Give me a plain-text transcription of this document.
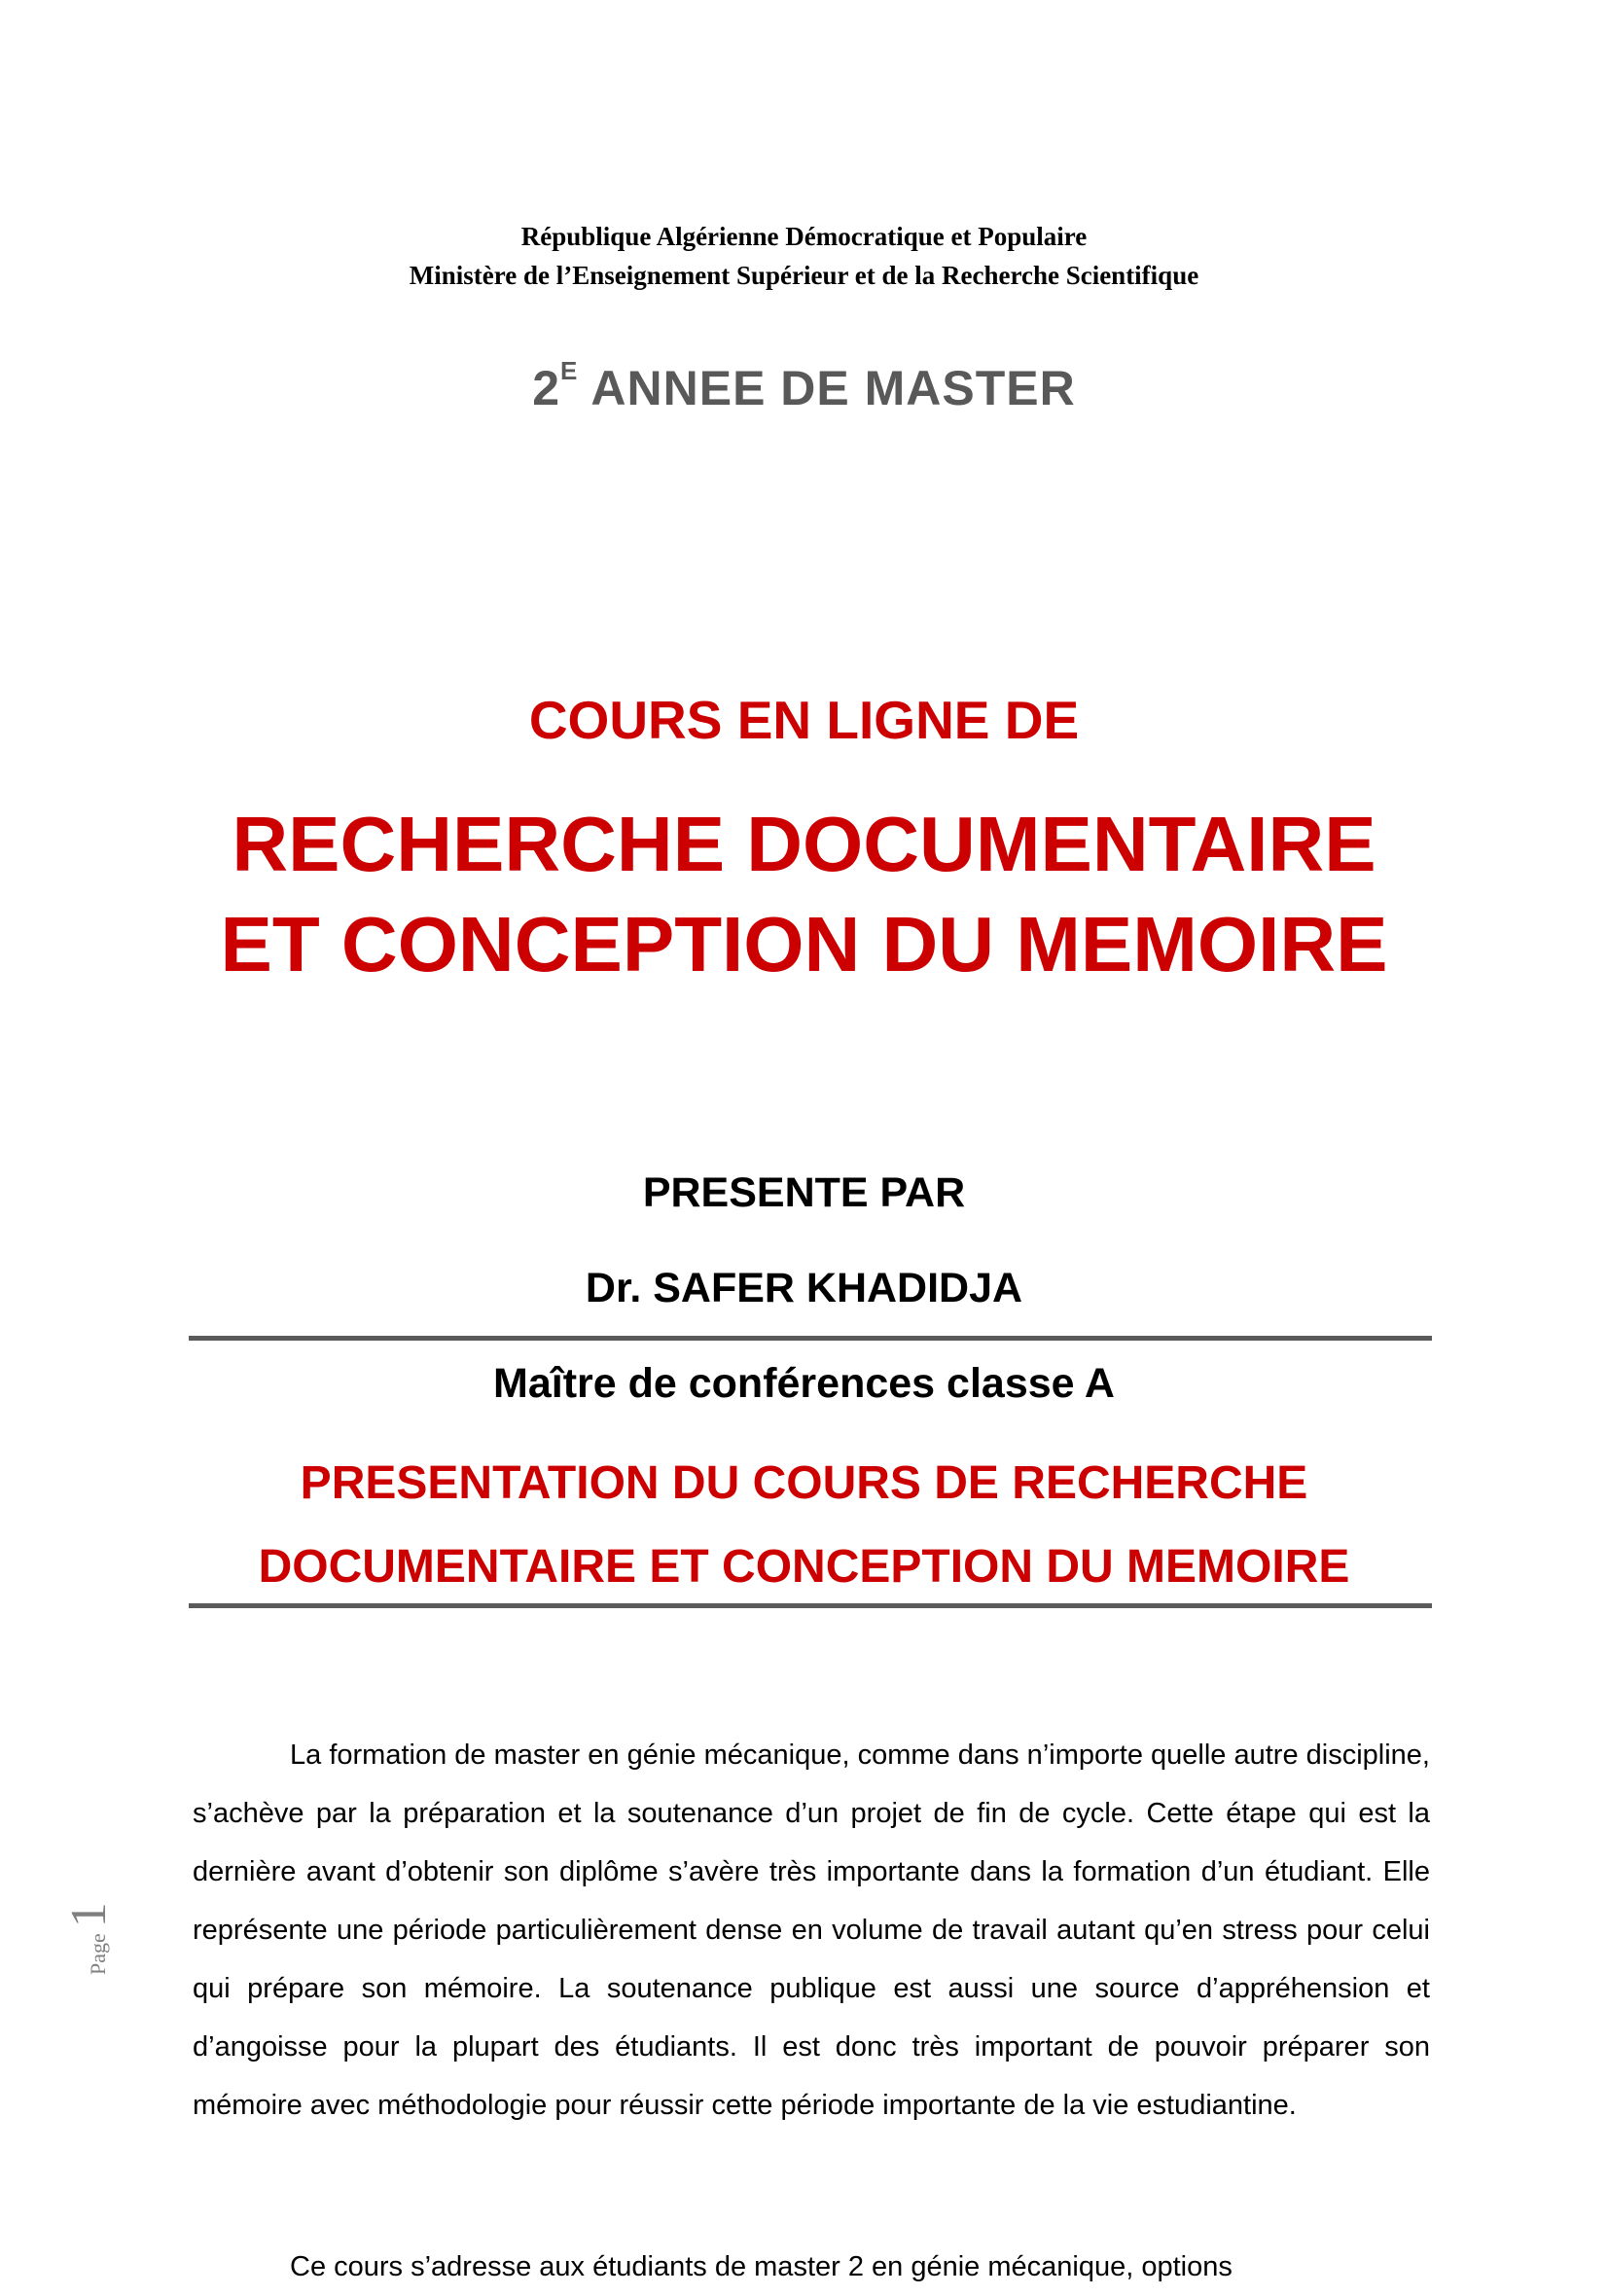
République Algérienne Démocratique et Populaire
Ministère de l’Enseignement Supérieur et de la Recherche Scientifique
$2^E$ ANNEE DE MASTER
COURS EN LIGNE DE
RECHERCHE DOCUMENTAIRE
ET CONCEPTION DU MEMOIRE
PRESENTE PAR
Dr. SAFER KHADIDJA
Maître de conférences classe A
PRESENTATION DU COURS DE RECHERCHE
DOCUMENTAIRE ET CONCEPTION DU MEMOIRE
La formation de master en génie mécanique, comme dans n’importe quelle autre discipline, s’achève par la préparation et la soutenance d’un projet de fin de cycle. Cette étape qui est la dernière avant d’obtenir son diplôme s’avère très importante dans la formation d’un étudiant. Elle représente une période particulièrement dense en volume de travail autant qu’en stress pour celui qui prépare son mémoire. La soutenance publique est aussi une source d’appréhension et d’angoisse pour la plupart des étudiants. Il est donc très important de pouvoir préparer son mémoire avec méthodologie pour réussir cette période importante de la vie estudiantine.
Ce cours s’adresse aux étudiants de master 2 en génie mécanique, options
Page1
